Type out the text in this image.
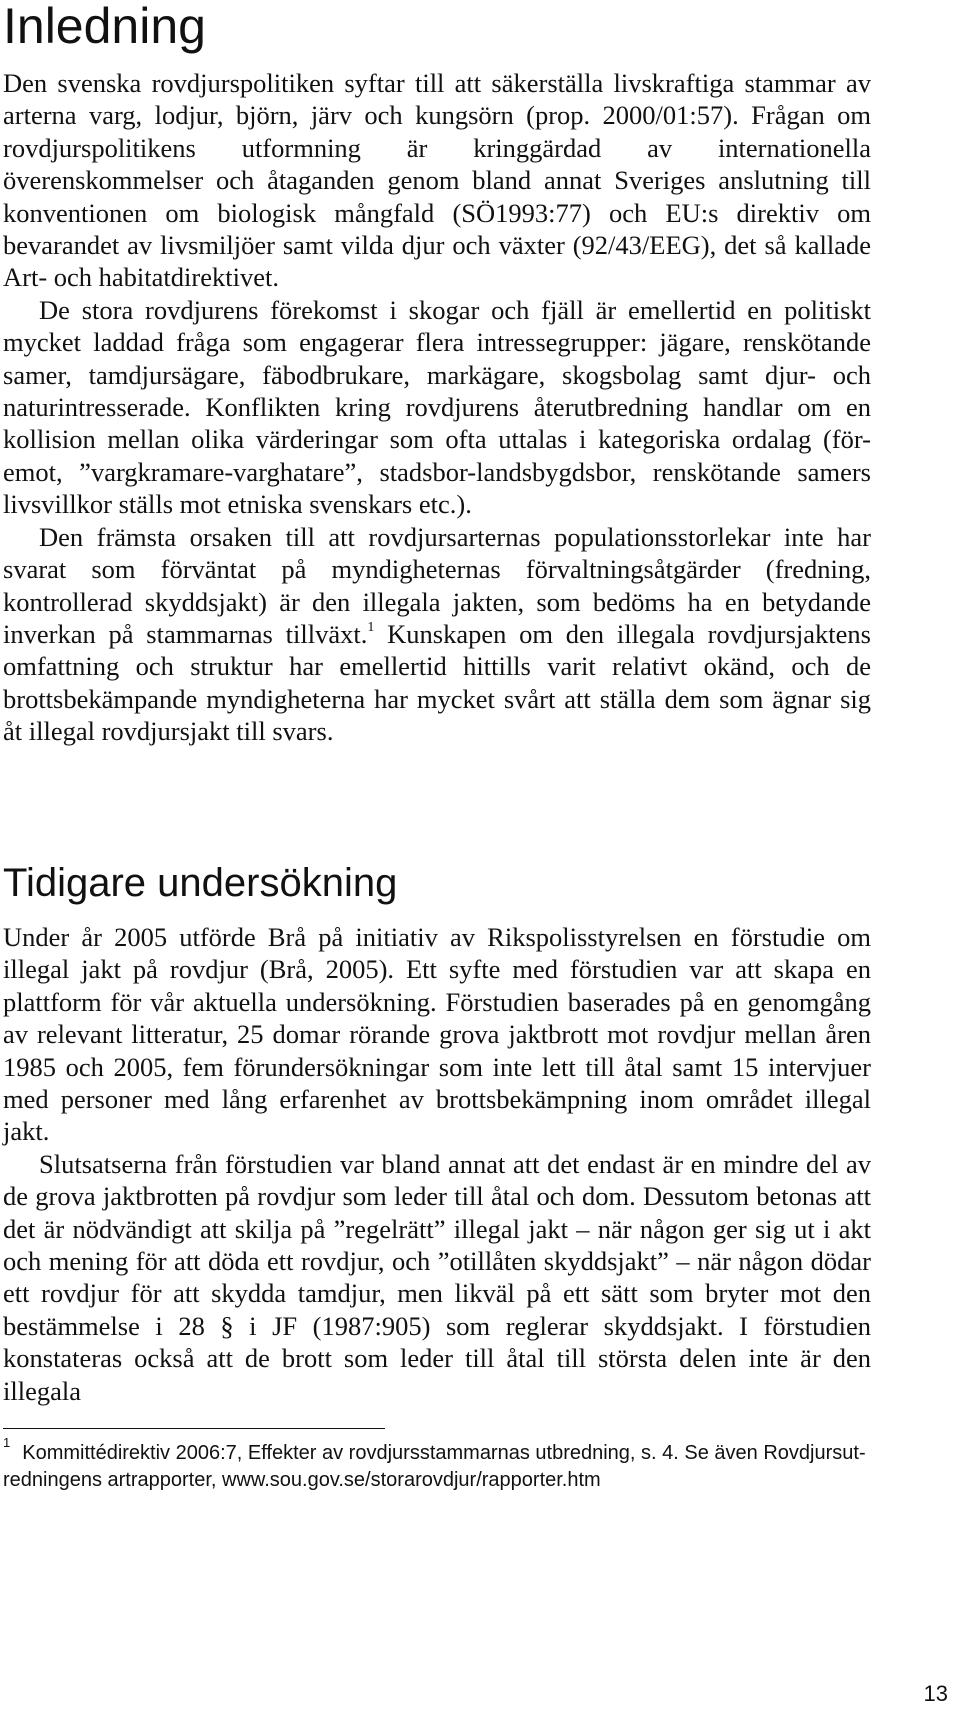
Inledning

Den svenska rovdjurspolitiken syftar till att säkerställa livskraftiga stammar av arterna varg, lodjur, björn, järv och kungsörn (prop. 2000/01:57). Frågan om rovdjurspolitikens utformning är kringgärdad av internationella överenskommelser och åtaganden genom bland annat Sveriges anslutning till konventionen om biologisk mångfald (SÖ1993:77) och EU:s direktiv om bevarandet av livsmiljöer samt vilda djur och växter (92/43/EEG), det så kallade Art- och habitatdirektivet.

De stora rovdjurens förekomst i skogar och fjäll är emellertid en politiskt mycket laddad fråga som engagerar flera intressegrupper: jägare, renskötande samer, tamdjursägare, fäbodbrukare, markägare, skogsbolag samt djur- och naturintresserade. Konflikten kring rovdjurens återutbredning handlar om en kollision mellan olika värderingar som ofta uttalas i kategoriska ordalag (för-emot, ”vargkramare-varghatare”, stadsbor-landsbygdsbor, renskötande samers livsvillkor ställs mot etniska svenskars etc.).

Den främsta orsaken till att rovdjursarternas populationsstorlekar inte har svarat som förväntat på myndigheternas förvaltningsåtgärder (fredning, kontrollerad skyddsjakt) är den illegala jakten, som bedöms ha en betydande inverkan på stammarnas tillväxt.$^1$ Kunskapen om den illegala rovdjursjaktens omfattning och struktur har emellertid hittills varit relativt okänd, och de brottsbekämpande myndigheterna har mycket svårt att ställa dem som ägnar sig åt illegal rovdjursjakt till svars.

Tidigare undersökning

Under år 2005 utförde Brå på initiativ av Rikspolisstyrelsen en förstudie om illegal jakt på rovdjur (Brå, 2005). Ett syfte med förstudien var att skapa en plattform för vår aktuella undersökning. Förstudien baserades på en genomgång av relevant litteratur, 25 domar rörande grova jaktbrott mot rovdjur mellan åren 1985 och 2005, fem förundersökningar som inte lett till åtal samt 15 intervjuer med personer med lång erfarenhet av brottsbekämpning inom området illegal jakt.

Slutsatserna från förstudien var bland annat att det endast är en mindre del av de grova jaktbrotten på rovdjur som leder till åtal och dom. Dessutom betonas att det är nödvändigt att skilja på ”regelrätt” illegal jakt – när någon ger sig ut i akt och mening för att döda ett rovdjur, och ”otillåten skyddsjakt” – när någon dödar ett rovdjur för att skydda tamdjur, men likväl på ett sätt som bryter mot den bestämmelse i 28 § i JF (1987:905) som reglerar skyddsjakt. I förstudien konstateras också att de brott som leder till åtal till största delen inte är den illegala

$^1$ Kommittédirektiv 2006:7, Effekter av rovdjursstammarnas utbredning, s. 4. Se även Rovdjursutredningens artrapporter, www.sou.gov.se/storarovdjur/rapporter.htm
13
